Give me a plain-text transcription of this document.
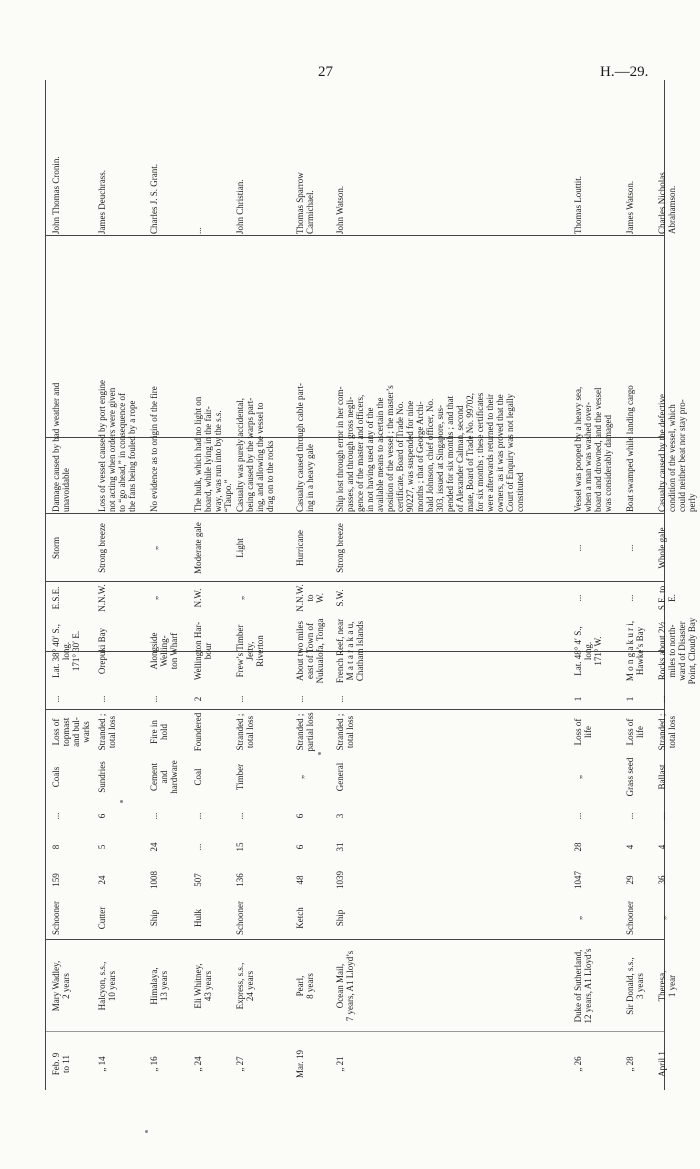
27	H.—29.
Feb. 9
to 11
Mary Wadley,
2 years
Schooner
159
8
...
Coals
Loss of
topmast
and bul-
warks
...
Lat. 38° 40′ S., long.
171° 30′ E.
E.S.E.
Storm
Damage caused by bad weather and
unavoidable
John Thomas Cronin.
„ 14
Halcyon, s.s.,
10 years
Cutter
24
5
6
Sundries
Stranded ;
total loss
...
Orepuki Bay
N.N.W.
Strong breeze
Loss of vessel caused by port engine
not acting when orders were given
to “go ahead,” in consequence of
the fans being fouled by a rope
James Deuchrass.
„ 16
Himalaya,
13 years
Ship
1008
24
...
Cement
and
hardware
Fire in
hold
...
Alongside Welling-
ton Wharf
„
„
No evidence as to origin of the fire
Charles J. S. Grant.
„ 24
Eli Whitney,
43 years
Hulk
507
...
...
Coal
Foundered
2
Wellington Har-
bour
N.W.
Moderate gale
The hulk, which had no light on
board, while lying in the fair-
way, was run into by the s.s.
“Taupo.”
...
„ 27
Express, s.s.,
24 years
Schooner
136
15
...
Timber
Stranded ;
total loss
...
Frew’s Timber Jetty,
Riverton
„
Light
Casualty was purely accidental,
being caused by the warps part-
ing, and allowing the vessel to
drag on to the rocks
John Christian.
Mar. 19
Pearl,
8 years
Ketch
48
6
6
„
Stranded ;
partial loss
...
About two miles
east of Town of
Nukualofa, Tonga
N.N.W.
to
W.
Hurricane
Casualty caused through cable part-
ing in a heavy gale
Thomas Sparrow
Carmichael.
„ 21
Ocean Mail,
7 years, A1 Lloyd’s
Ship
1039
31
3
General
Stranded ;
total loss
...
French Reef, near
M a t a r a k a u,
Chatham Islands
S.W.
Strong breeze
Ship lost through error in her com-
passes, and through gross negli-
gence of the master and officers,
in not having used any of the
available means to ascertain the
position of the vessel ; the master’s
certificate, Board of Trade No.
90227, was suspended for nine
months ; that of George Archi-
bald Johnson, chief officer, No.
303, issued at Singapore, sus-
pended for six months ; and that
of Alexander Calman, second
mate, Board of Trade No. 99702,
for six months ; these certificates
were afterwards returned to their
owners, as it was proved that the
Court of Enquiry was not legally
constituted
John Watson.
„ 26
Duke of Sutherland,
12 years, A1 Lloyd’s
„
1047
28
...
„
Loss of life
1
Lat. 48° 4′ S., long.
171° W.
...
...
Vessel was pooped by a heavy sea,
when a man was washed over-
board and drowned, and the vessel
was considerably damaged
Thomas Louttit.
„ 28
Sir Donald, s.s.,
3 years
Schooner
29
4
...
Grass seed
Loss of life
1
M o n g a k u r i,
Hawke’s Bay
...
...
Boat swamped while landing cargo
James Watson.
April 1
Theresa,
1 year
„
36
4
...
Ballast
Stranded ;
total loss
...
Rocks about 2½
miles to north-
ward of Disaster
Point, Cloudy Bay
S.E. to E.
Whole gale
Casualty caused by the defective
condition of the vessel, which
could neither beat nor stay pro-
perly
Charles Nicholas
Abrahamson.
